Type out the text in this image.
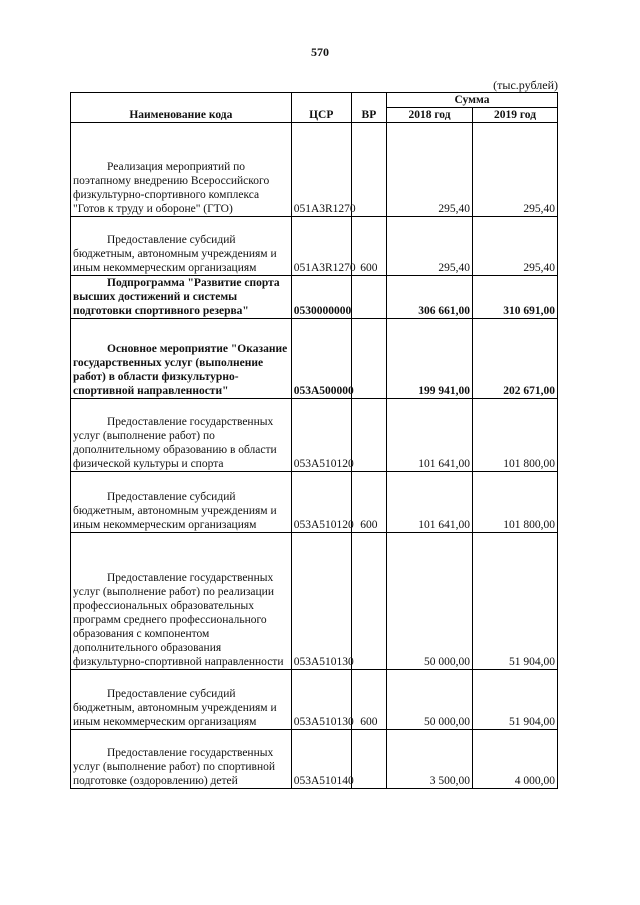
570
(тыс.рублей)
Наименование кода	ЦСР	ВР	Сумма	
			2018 год	2019 год
Реализация мероприятий по поэтапному внедрению Всероссийского физкультурно-спортивного комплекса "Готов к труду и обороне" (ГТО)	051А3R1270		295,40	295,40
Предоставление субсидий бюджетным, автономным учреждениям и иным некоммерческим организациям	051А3R1270	600	295,40	295,40
Подпрограмма "Развитие спорта высших достижений и системы подготовки спортивного резерва"	0530000000		306 661,00	310 691,00
Основное мероприятие "Оказание государственных услуг (выполнение работ) в области физкультурно-спортивной направленности"	053А500000		199 941,00	202 671,00
Предоставление государственных услуг (выполнение работ) по дополнительному образованию в области физической культуры и спорта	053А510120		101 641,00	101 800,00
Предоставление субсидий бюджетным, автономным учреждениям и иным некоммерческим организациям	053А510120	600	101 641,00	101 800,00
Предоставление государственных услуг (выполнение работ) по реализации профессиональных образовательных программ среднего профессионального образования с компонентом дополнительного образования физкультурно-спортивной направленности	053А510130		50 000,00	51 904,00
Предоставление субсидий бюджетным, автономным учреждениям и иным некоммерческим организациям	053А510130	600	50 000,00	51 904,00
Предоставление государственных услуг (выполнение работ) по спортивной подготовке (оздоровлению) детей	053А510140		3 500,00	4 000,00
